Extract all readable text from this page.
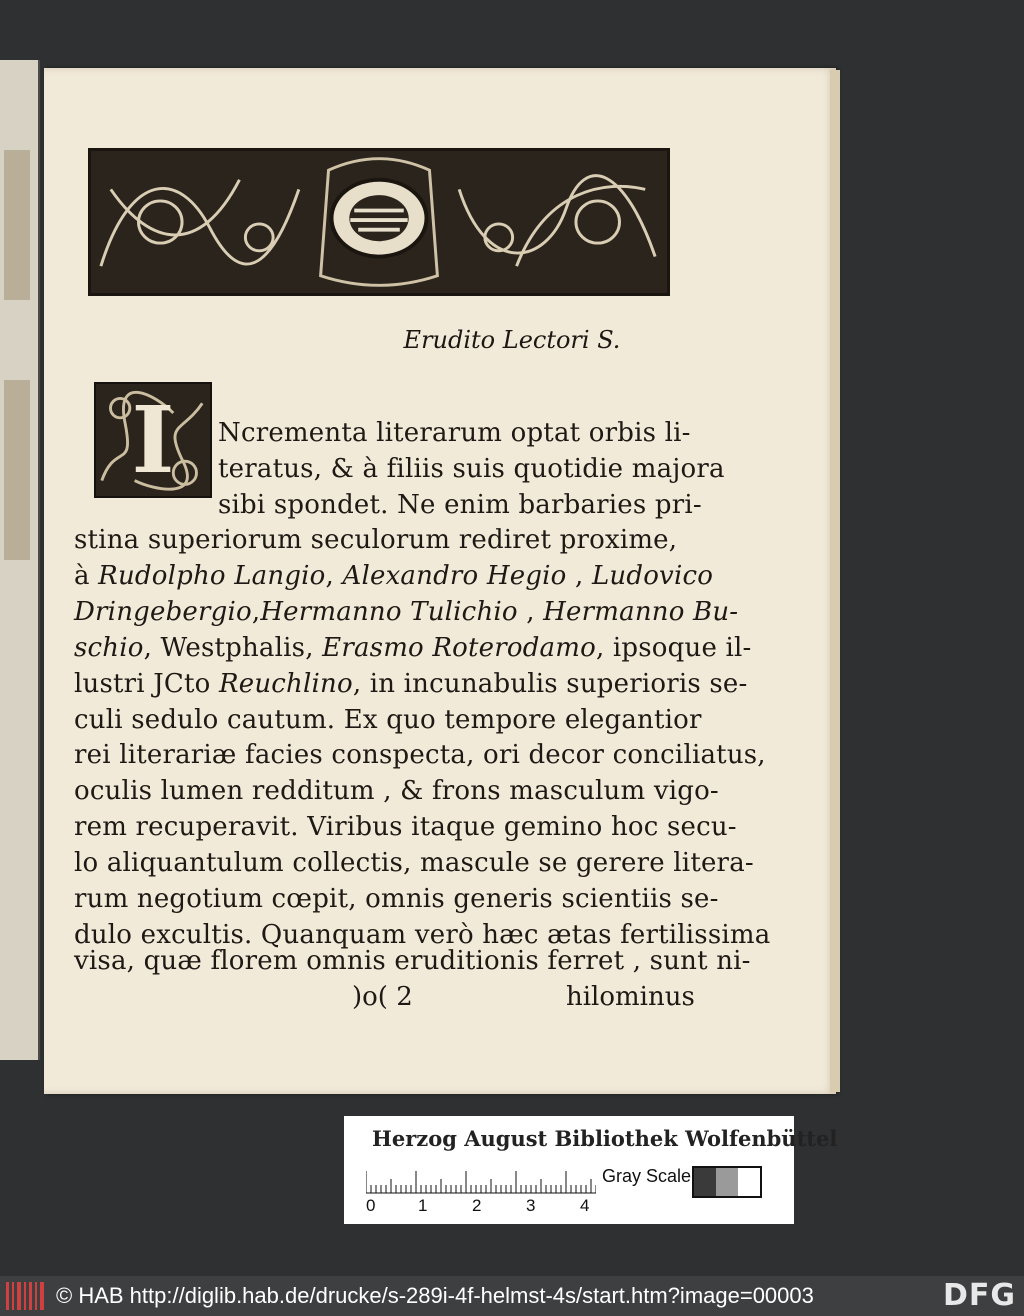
Erudito Lectori S.
I Ncrementa literarum optat orbis li-
teratus, & à filiis suis quotidie majora
sibi spondet. Ne enim barbaries pri-
stina superiorum seculorum rediret proxime,
à Rudolpho Langio, Alexandro Hegio , Ludovico
Dringebergio,Hermanno Tulichio , Hermanno Bu-
schio, Westphalis, Erasmo Roterodamo, ipsoque il-
lustri JCto Reuchlino, in incunabulis superioris se-
culi sedulo cautum. Ex quo tempore elegantior
rei literariæ facies conspecta, ori decor conciliatus,
oculis lumen redditum , & frons masculum vigo-
rem recuperavit. Viribus itaque gemino hoc secu-
lo aliquantulum collectis, mascule se gerere litera-
rum negotium cœpit, omnis generis scientiis se-
dulo excultis. Quanquam verò hæc ætas fertilissima
visa, quæ florem omnis eruditionis ferret , sunt ni-
)o( 2	hilominus
Herzog August Bibliothek Wolfenbüttel
0	1	2	3	4
Gray Scale
© HAB http://diglib.hab.de/drucke/s-289i-4f-helmst-4s/start.htm?image=00003	DFG
